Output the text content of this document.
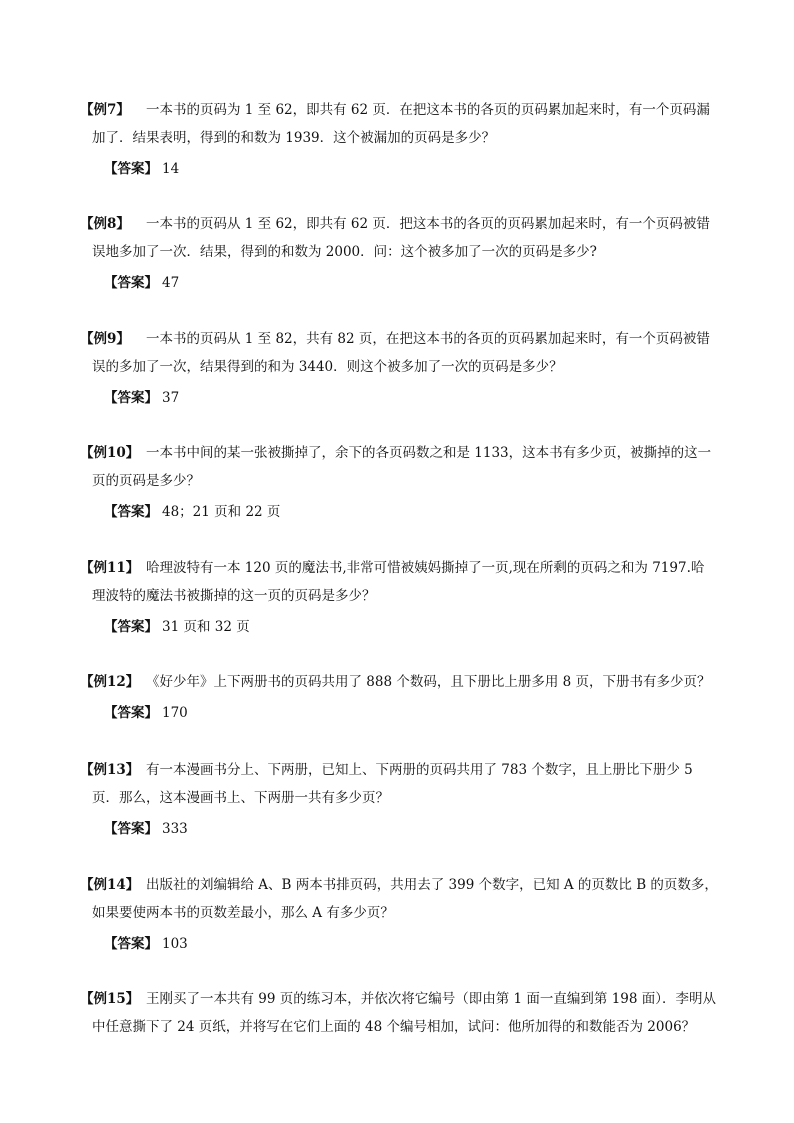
【例7】 一本书的页码为 1 至 62，即共有 62 页．在把这本书的各页的页码累加起来时，有一个页码漏
加了．结果表明，得到的和数为 1939．这个被漏加的页码是多少？
【答案】 14
【例8】 一本书的页码从 1 至 62，即共有 62 页．把这本书的各页的页码累加起来时，有一个页码被错
误地多加了一次．结果，得到的和数为 2000．问：这个被多加了一次的页码是多少?
【答案】 47
【例9】 一本书的页码从 1 至 82，共有 82 页，在把这本书的各页的页码累加起来时，有一个页码被错
误的多加了一次，结果得到的和为 3440．则这个被多加了一次的页码是多少？
【答案】 37
【例10】 一本书中间的某一张被撕掉了，余下的各页码数之和是 1133，这本书有多少页，被撕掉的这一
页的页码是多少？
【答案】 48；21 页和 22 页
【例11】 哈理波特有一本 120 页的魔法书,非常可惜被姨妈撕掉了一页,现在所剩的页码之和为 7197.哈
理波特的魔法书被撕掉的这一页的页码是多少？
【答案】 31 页和 32 页
【例12】 《好少年》上下两册书的页码共用了 888 个数码，且下册比上册多用 8 页，下册书有多少页？
【答案】 170
【例13】 有一本漫画书分上、下两册，已知上、下两册的页码共用了 783 个数字，且上册比下册少 5
页．那么，这本漫画书上、下两册一共有多少页？
【答案】 333
【例14】 出版社的刘编辑给 A、B 两本书排页码，共用去了 399 个数字，已知 A 的页数比 B 的页数多，
如果要使两本书的页数差最小，那么 A 有多少页？
【答案】 103
【例15】 王刚买了一本共有 99 页的练习本，并依次将它编号（即由第 1 面一直编到第 198 面）．李明从
中任意撕下了 24 页纸，并将写在它们上面的 48 个编号相加，试问：他所加得的和数能否为 2006？
